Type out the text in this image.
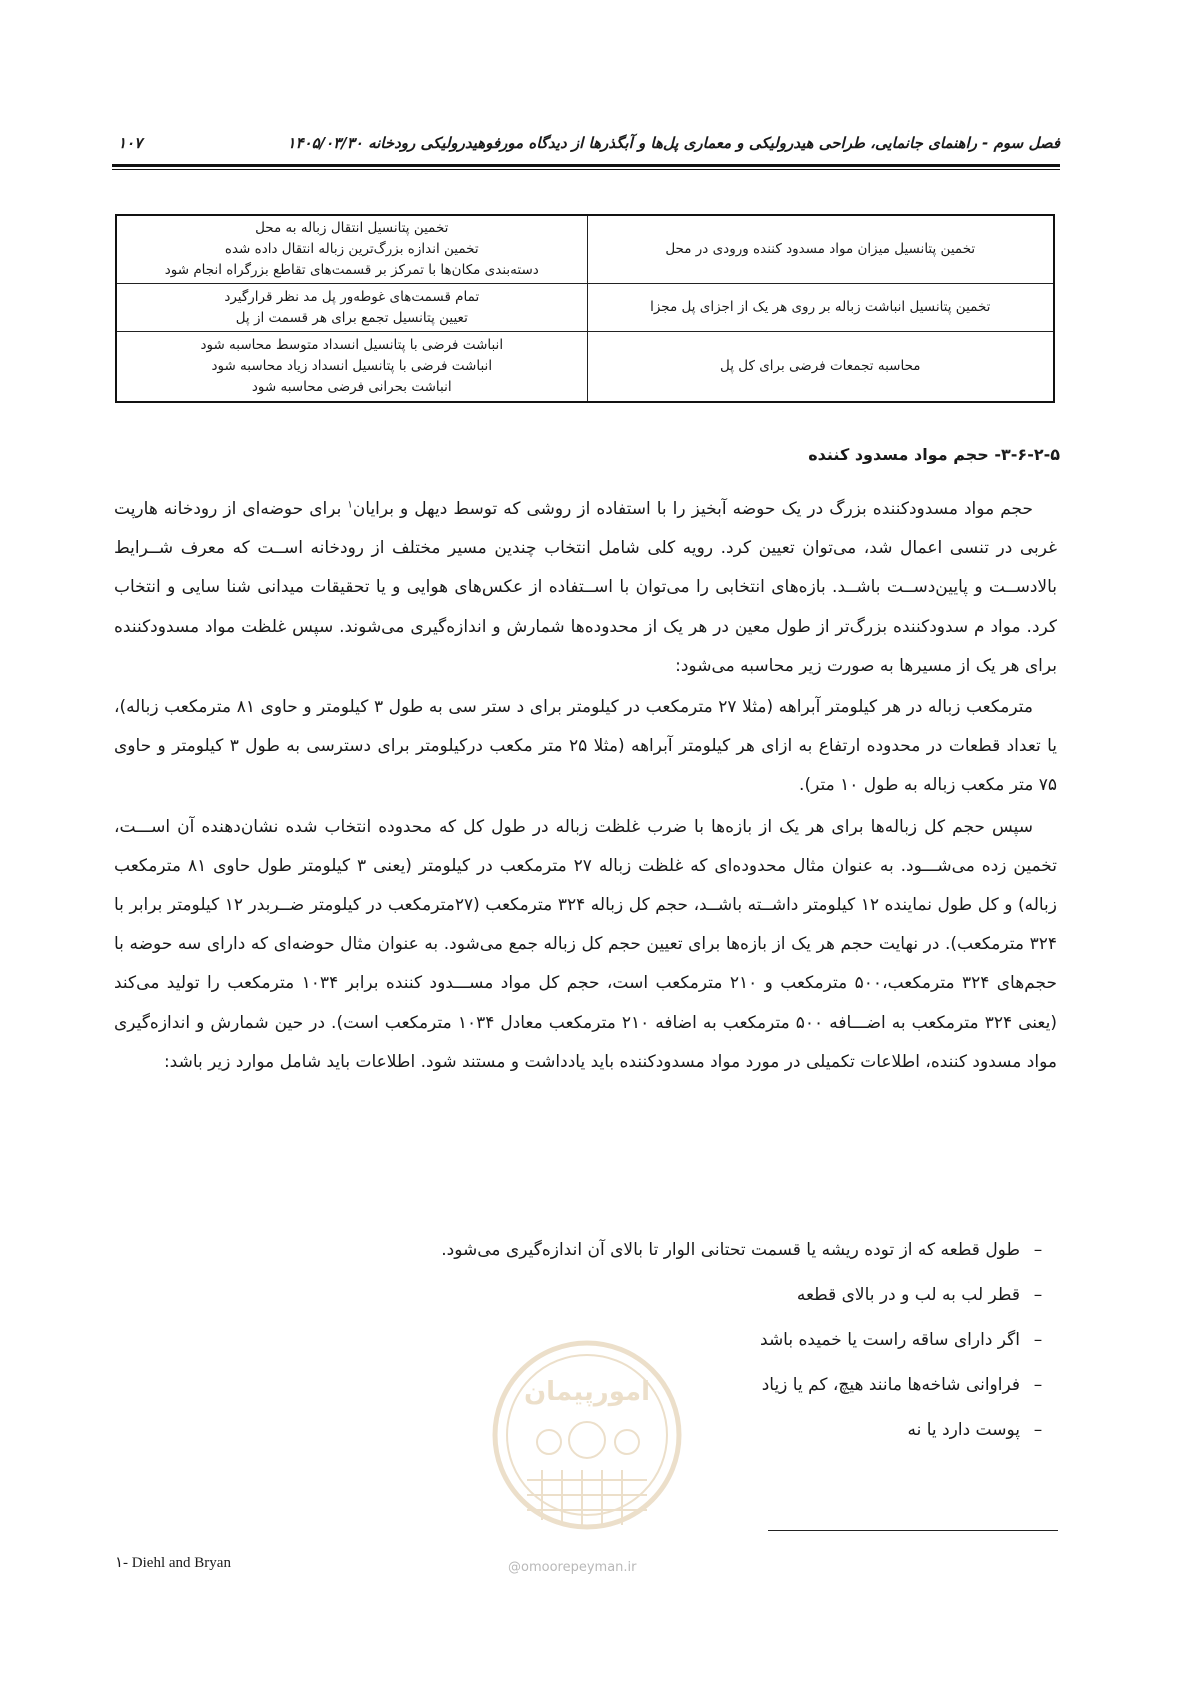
فصل سوم - راهنمای جانمایی، طراحی هیدرولیکی و معماری پل‌ها و آبگذرها از دیدگاه مورفوهیدرولیکی رودخانه ۱۴۰۵/۰۳/۳۰
۱۰۷
تخمین پتانسیل میزان مواد مسدود کننده ورودی در محل	تخمین پتانسیل انتقال زباله به محل
تخمین اندازه بزرگ‌ترین زباله انتقال داده شده
دسته‌بندی مکان‌ها با تمرکز بر قسمت‌های تقاطع بزرگراه انجام شود

تخمین پتانسیل انباشت زباله بر روی هر یک از اجزای پل مجزا	تمام قسمت‌های غوطه‌ور پل مد نظر قرارگیرد
تعیین پتانسیل تجمع برای هر قسمت از پل

محاسبه تجمعات فرضی برای کل پل	انباشت فرضی با پتانسیل انسداد متوسط محاسبه شود
انباشت فرضی با پتانسیل انسداد زیاد محاسبه شود
انباشت بحرانی فرضی محاسبه شود
۳-۶-۲-۵- حجم مواد مسدود کننده

حجم مواد مسدودکننده بزرگ در یک حوضه آبخیز را با استفاده از روشی که توسط دیهل و برایان$^۱$ برای حوضه‌ای از رودخانه هارپت غربی در تنسی اعمال شد، می‌توان تعیین کرد. رویه کلی شامل انتخاب چندین مسیر مختلف از رودخانه اســت که معرف شــرایط بالادســت و پایین‌دســت باشــد. بازه‌های انتخابی را می‌توان با اســتفاده از عکس‌های هوایی و یا تحقیقات میدانی شنا سایی و انتخاب کرد. مواد م سدودکننده بزرگ‌تر از طول معین در هر یک از محدوده‌ها شمارش و اندازه‌گیری می‌شوند. سپس غلظت مواد مسدودکننده برای هر یک از مسیرها به صورت زیر محاسبه می‌شود:

مترمکعب زباله در هر کیلومتر آبراهه (مثلا ۲۷ مترمکعب در کیلومتر برای د ستر سی به طول ۳ کیلومتر و حاوی ۸۱ مترمکعب زباله)، یا تعداد قطعات در محدوده ارتفاع به ازای هر کیلومتر آبراهه (مثلا ۲۵ متر مکعب درکیلومتر برای دسترسی به طول ۳ کیلومتر و حاوی ۷۵ متر مکعب زباله به طول ۱۰ متر).

سپس حجم کل زباله‌ها برای هر یک از بازه‌ها با ضرب غلظت زباله در طول کل که محدوده انتخاب شده نشان‌دهنده آن اســـت، تخمین زده می‌شـــود. به عنوان مثال محدوده‌ای که غلظت زباله ۲۷ مترمکعب در کیلومتر (یعنی ۳ کیلومتر طول حاوی ۸۱ مترمکعب زباله) و کل طول نماینده ۱۲ کیلومتر داشــته باشــد، حجم کل زباله ۳۲۴ مترمکعب (۲۷مترمکعب در کیلومتر ضــربدر ۱۲ کیلومتر برابر با ۳۲۴ مترمکعب). در نهایت حجم هر یک از بازه‌ها برای تعیین حجم کل زباله جمع می‌شود. به عنوان مثال حوضه‌ای که دارای سه حوضه با حجم‌های ۳۲۴ مترمکعب،۵۰۰ مترمکعب و ۲۱۰ مترمکعب است، حجم کل مواد مســـدود کننده برابر ۱۰۳۴ مترمکعب را تولید می‌کند (یعنی ۳۲۴ مترمکعب به اضـــافه ۵۰۰ مترمکعب به اضافه ۲۱۰ مترمکعب معادل ۱۰۳۴ مترمکعب است). در حین شمارش و اندازه‌گیری مواد مسدود کننده، اطلاعات تکمیلی در مورد مواد مسدودکننده باید یادداشت و مستند شود. اطلاعات باید شامل موارد زیر باشد:

–طول قطعه که از توده ریشه یا قسمت تحتانی الوار تا بالای آن اندازه‌گیری می‌شود.
–قطر لب به لب و در بالای قطعه
–اگر دارای ساقه راست یا خمیده باشد
–فراوانی شاخه‌ها مانند هیچ، کم یا زیاد
–پوست دارد یا نه
امورپیمان
@omoorepeyman.ir
۱- Diehl and Bryan
